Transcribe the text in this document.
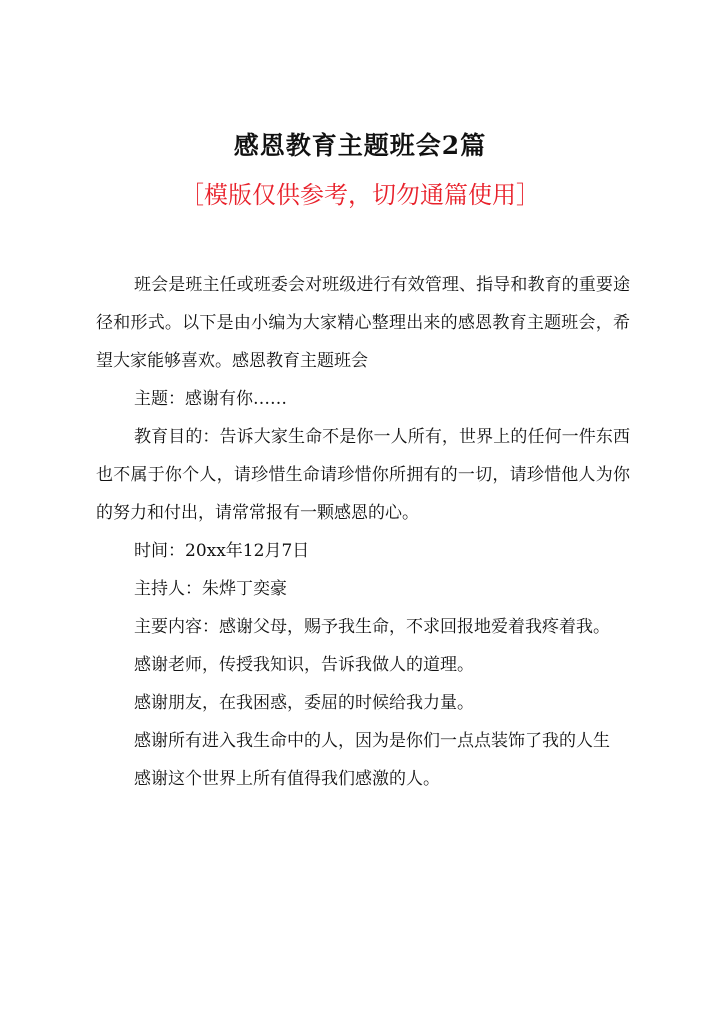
感恩教育主题班会2篇
［模版仅供参考，切勿通篇使用］

班会是班主任或班委会对班级进行有效管理、指导和教育的重要途径和形式。以下是由小编为大家精心整理出来的感恩教育主题班会，希望大家能够喜欢。感恩教育主题班会

主题：感谢有你……

教育目的：告诉大家生命不是你一人所有，世界上的任何一件东西也不属于你个人，请珍惜生命请珍惜你所拥有的一切，请珍惜他人为你的努力和付出，请常常报有一颗感恩的心。

时间：20xx年12月7日

主持人：朱烨丁奕豪

主要内容：感谢父母，赐予我生命，不求回报地爱着我疼着我。

感谢老师，传授我知识，告诉我做人的道理。

感谢朋友，在我困惑，委屈的时候给我力量。

感谢所有进入我生命中的人，因为是你们一点点装饰了我的人生

感谢这个世界上所有值得我们感激的人。
